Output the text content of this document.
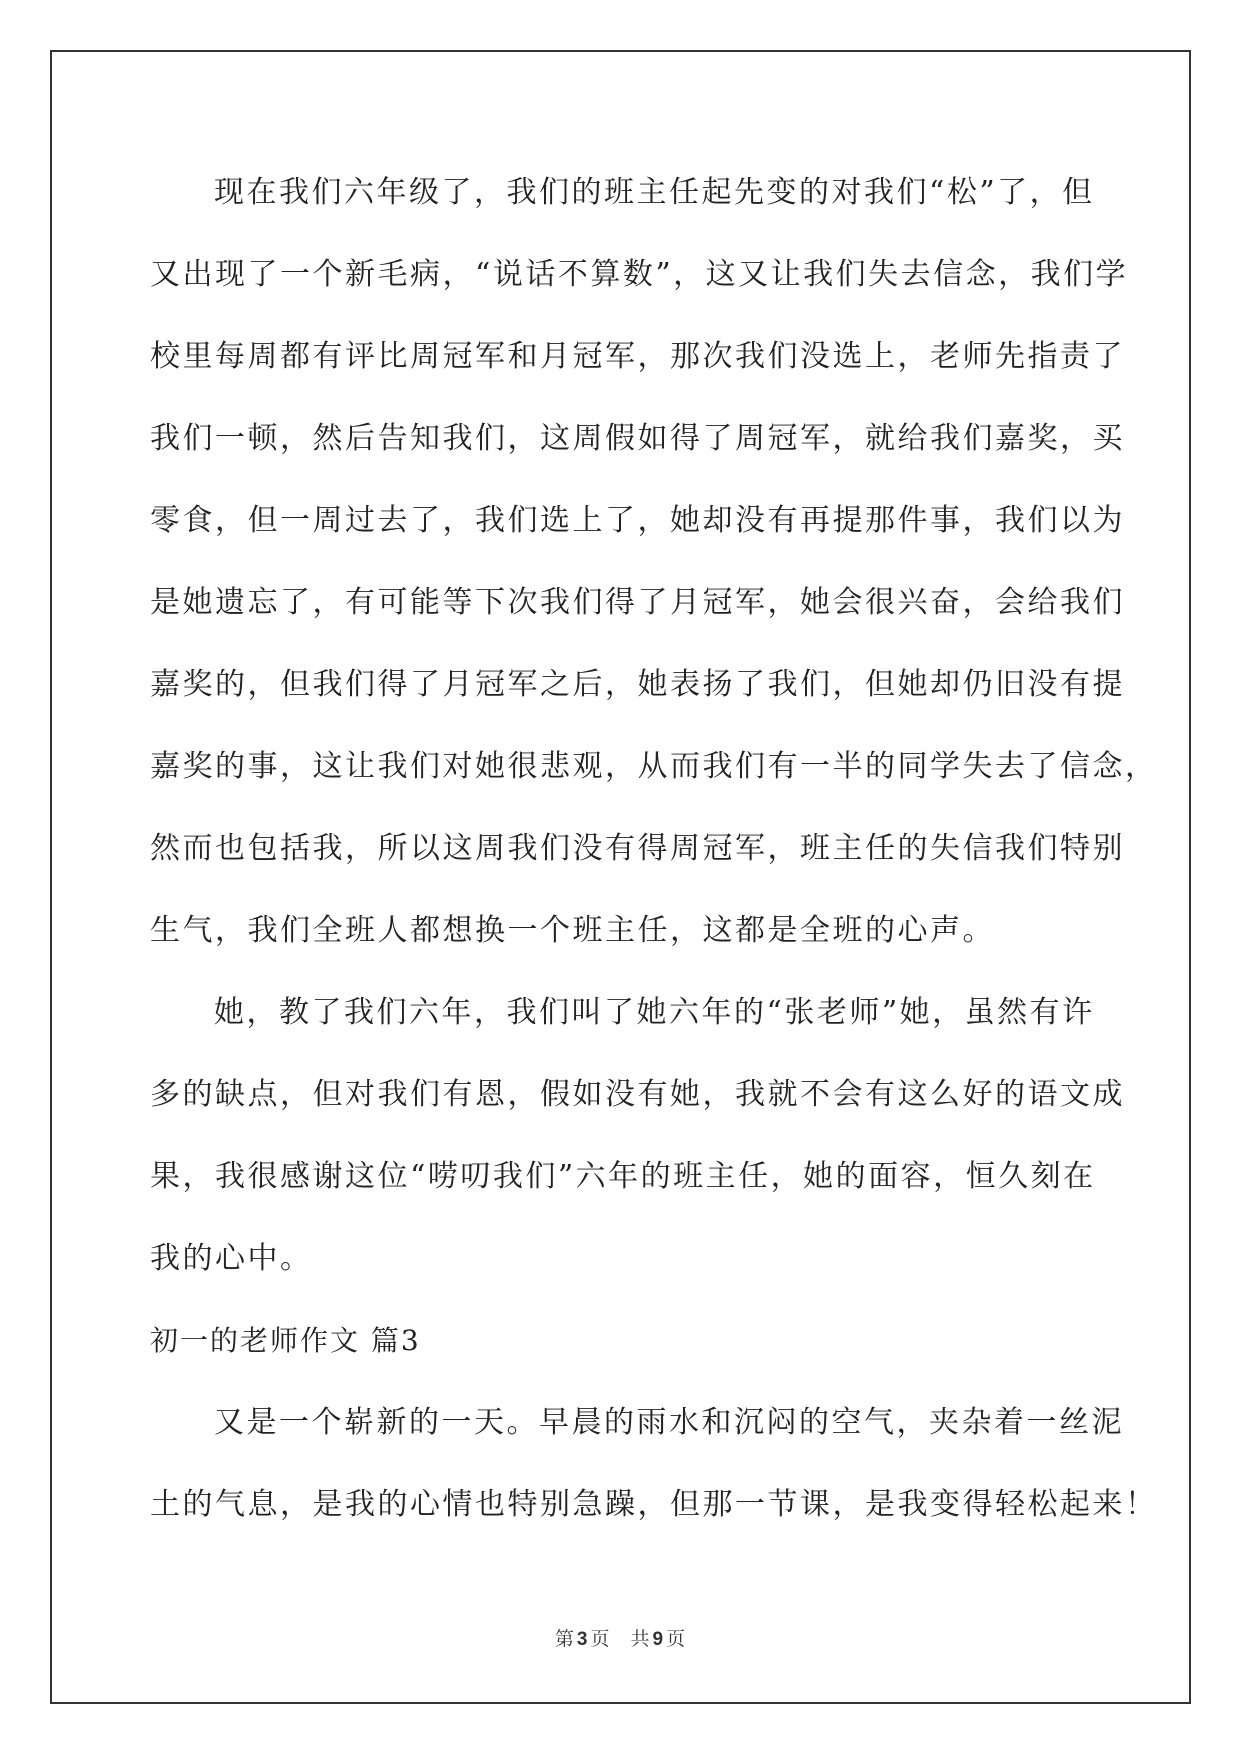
现在我们六年级了，我们的班主任起先变的对我们“松”了，但
又出现了一个新毛病，“说话不算数”，这又让我们失去信念，我们学
校里每周都有评比周冠军和月冠军，那次我们没选上，老师先指责了
我们一顿，然后告知我们，这周假如得了周冠军，就给我们嘉奖，买
零食，但一周过去了，我们选上了，她却没有再提那件事，我们以为
是她遗忘了，有可能等下次我们得了月冠军，她会很兴奋，会给我们
嘉奖的，但我们得了月冠军之后，她表扬了我们，但她却仍旧没有提
嘉奖的事，这让我们对她很悲观，从而我们有一半的同学失去了信念，
然而也包括我，所以这周我们没有得周冠军，班主任的失信我们特别
生气，我们全班人都想换一个班主任，这都是全班的心声。
她，教了我们六年，我们叫了她六年的“张老师”她，虽然有许
多的缺点，但对我们有恩，假如没有她，我就不会有这么好的语文成
果，我很感谢这位“唠叨我们”六年的班主任，她的面容，恒久刻在
我的心中。
初一的老师作文 篇3
又是一个崭新的一天。早晨的雨水和沉闷的空气，夹杂着一丝泥
土的气息，是我的心情也特别急躁，但那一节课，是我变得轻松起来！
第 3 页 共 9 页
